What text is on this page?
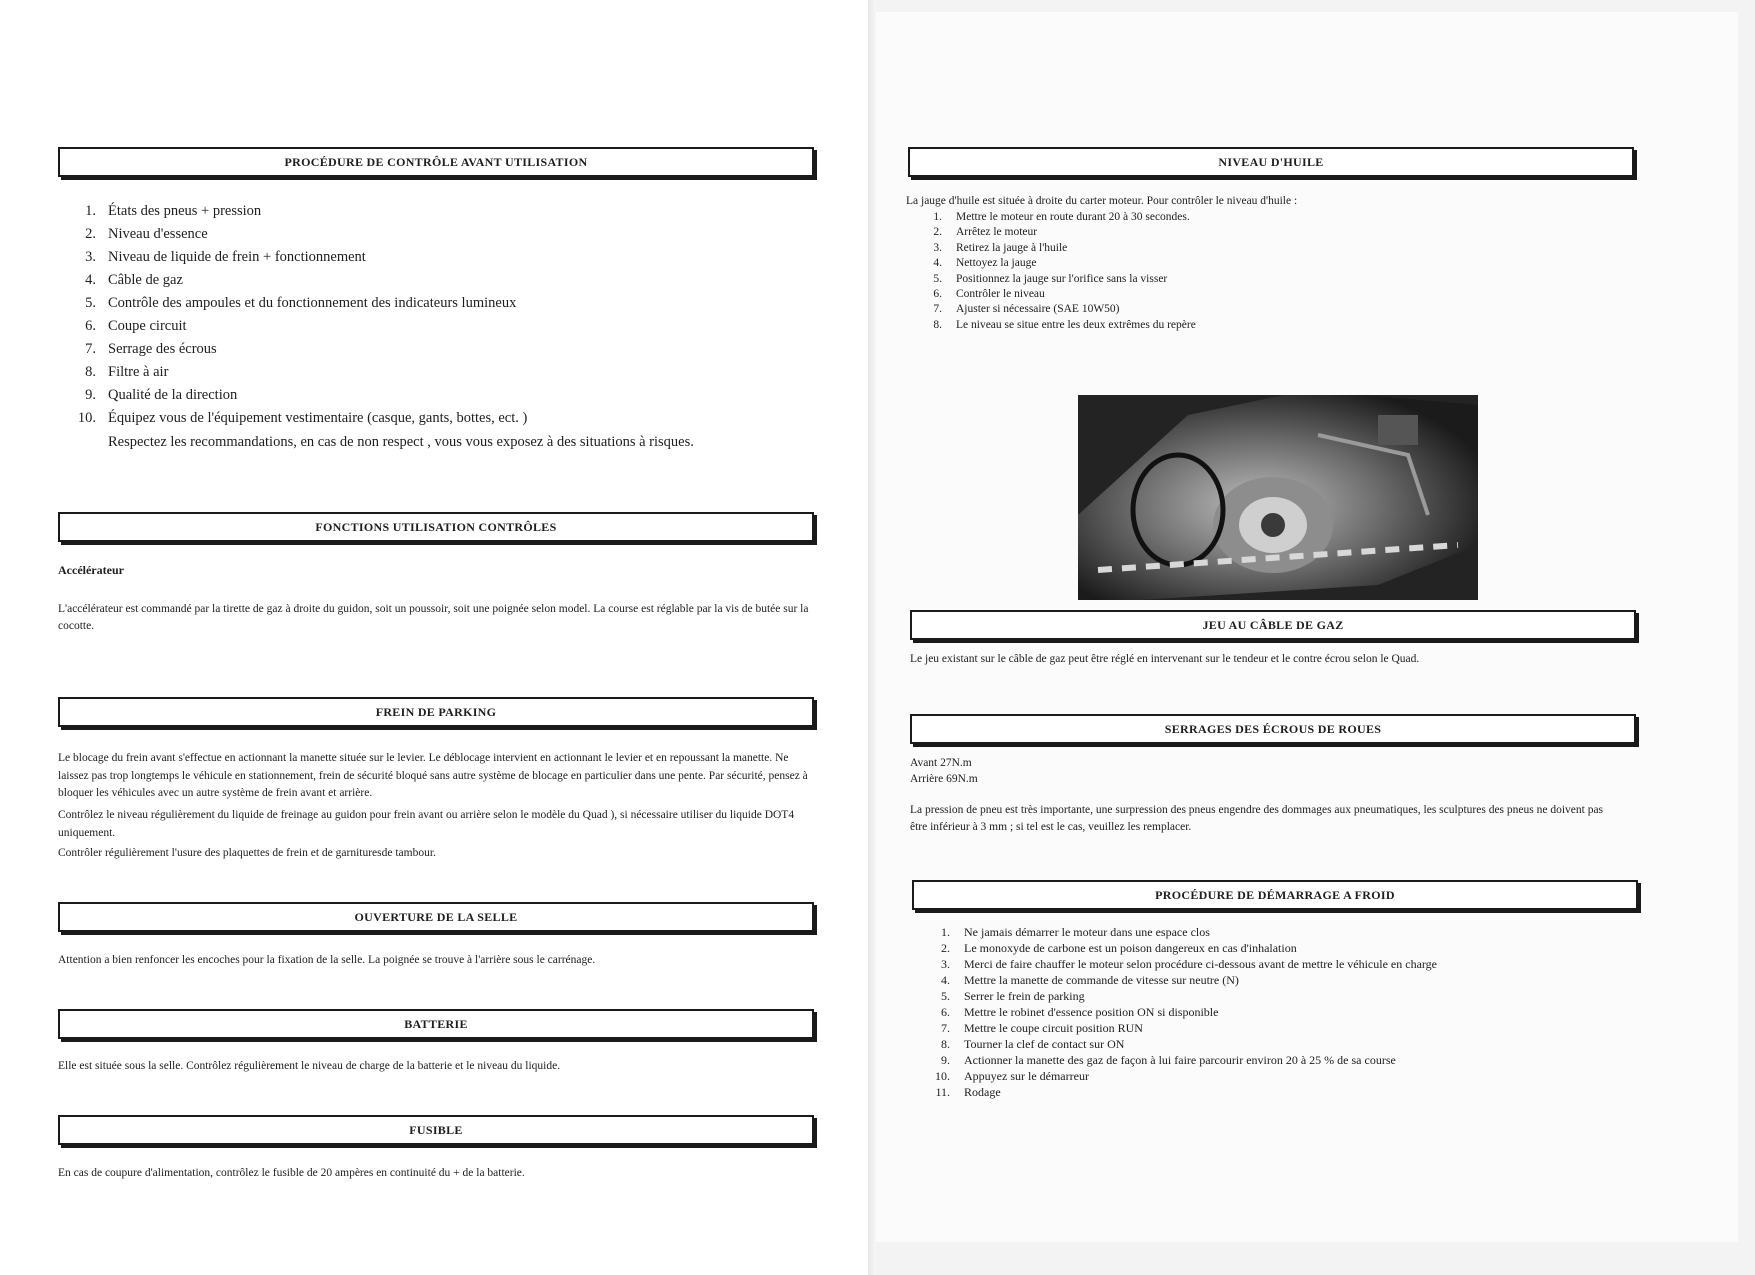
PROCÉDURE DE CONTRÔLE AVANT UTILISATION
1. États des pneus + pression
2. Niveau d'essence
3. Niveau de liquide de frein + fonctionnement
4. Câble de gaz
5. Contrôle des ampoules et du fonctionnement des indicateurs lumineux
6. Coupe circuit
7. Serrage des écrous
8. Filtre à air
9. Qualité de la direction
10. Équipez vous de l'équipement vestimentaire (casque, gants, bottes, ect. )
Respectez les recommandations, en cas de non respect , vous vous exposez à des situations à risques.
FONCTIONS UTILISATION CONTRÔLES
Accélérateur

L'accélérateur est commandé par la tirette de gaz à droite du guidon, soit un poussoir, soit une poignée selon model. La course est réglable par la vis de butée sur la cocotte.

FREIN DE PARKING

Le blocage du frein avant s'effectue en actionnant la manette située sur le levier. Le déblocage intervient en actionnant le levier et en repoussant la manette. Ne laissez pas trop longtemps le véhicule en stationnement, frein de sécurité bloqué sans autre système de blocage en particulier dans une pente. Par sécurité, pensez à bloquer les véhicules avec un autre système de frein avant et arrière.

Contrôlez le niveau régulièrement du liquide de freinage au guidon pour frein avant ou arrière selon le modèle du Quad ), si nécessaire utiliser du liquide DOT4 uniquement.

Contrôler régulièrement l'usure des plaquettes de frein et de garnituresde tambour.

OUVERTURE DE LA SELLE

Attention a bien renfoncer les encoches pour la fixation de la selle. La poignée se trouve à l'arrière sous le carrénage.

BATTERIE

Elle est située sous la selle. Contrôlez régulièrement le niveau de charge de la batterie et le niveau du liquide.

FUSIBLE

En cas de coupure d'alimentation, contrôlez le fusible de 20 ampères en continuité du + de la batterie.

NIVEAU D'HUILE

La jauge d'huile est située à droite du carter moteur. Pour contrôler le niveau d'huile :

1. Mettre le moteur en route durant 20 à 30 secondes.
2. Arrêtez le moteur
3. Retirez la jauge à l'huile
4. Nettoyez la jauge
5. Positionnez la jauge sur l'orifice sans la visser
6. Contrôler le niveau
7. Ajuster si nécessaire (SAE 10W50)
8. Le niveau se situe entre les deux extrêmes du repère
JEU AU CÂBLE DE GAZ

Le jeu existant sur le câble de gaz peut être réglé en intervenant sur le tendeur et le contre écrou selon le Quad.

SERRAGES DES ÉCROUS DE ROUES
Avant 27N.m
Arrière 69N.m

La pression de pneu est très importante, une surpression des pneus engendre des dommages aux pneumatiques, les sculptures des pneus ne doivent pas être inférieur à 3 mm ; si tel est le cas, veuillez les remplacer.

PROCÉDURE DE DÉMARRAGE A FROID
1. Ne jamais démarrer le moteur dans une espace clos
2. Le monoxyde de carbone est un poison dangereux en cas d'inhalation
3. Merci de faire chauffer le moteur selon procédure ci-dessous avant de mettre le véhicule en charge
4. Mettre la manette de commande de vitesse sur neutre (N)
5. Serrer le frein de parking
6. Mettre le robinet d'essence position ON si disponible
7. Mettre le coupe circuit position RUN
8. Tourner la clef de contact sur ON
9. Actionner la manette des gaz de façon à lui faire parcourir environ 20 à 25 % de sa course
10. Appuyez sur le démarreur
11. Rodage
